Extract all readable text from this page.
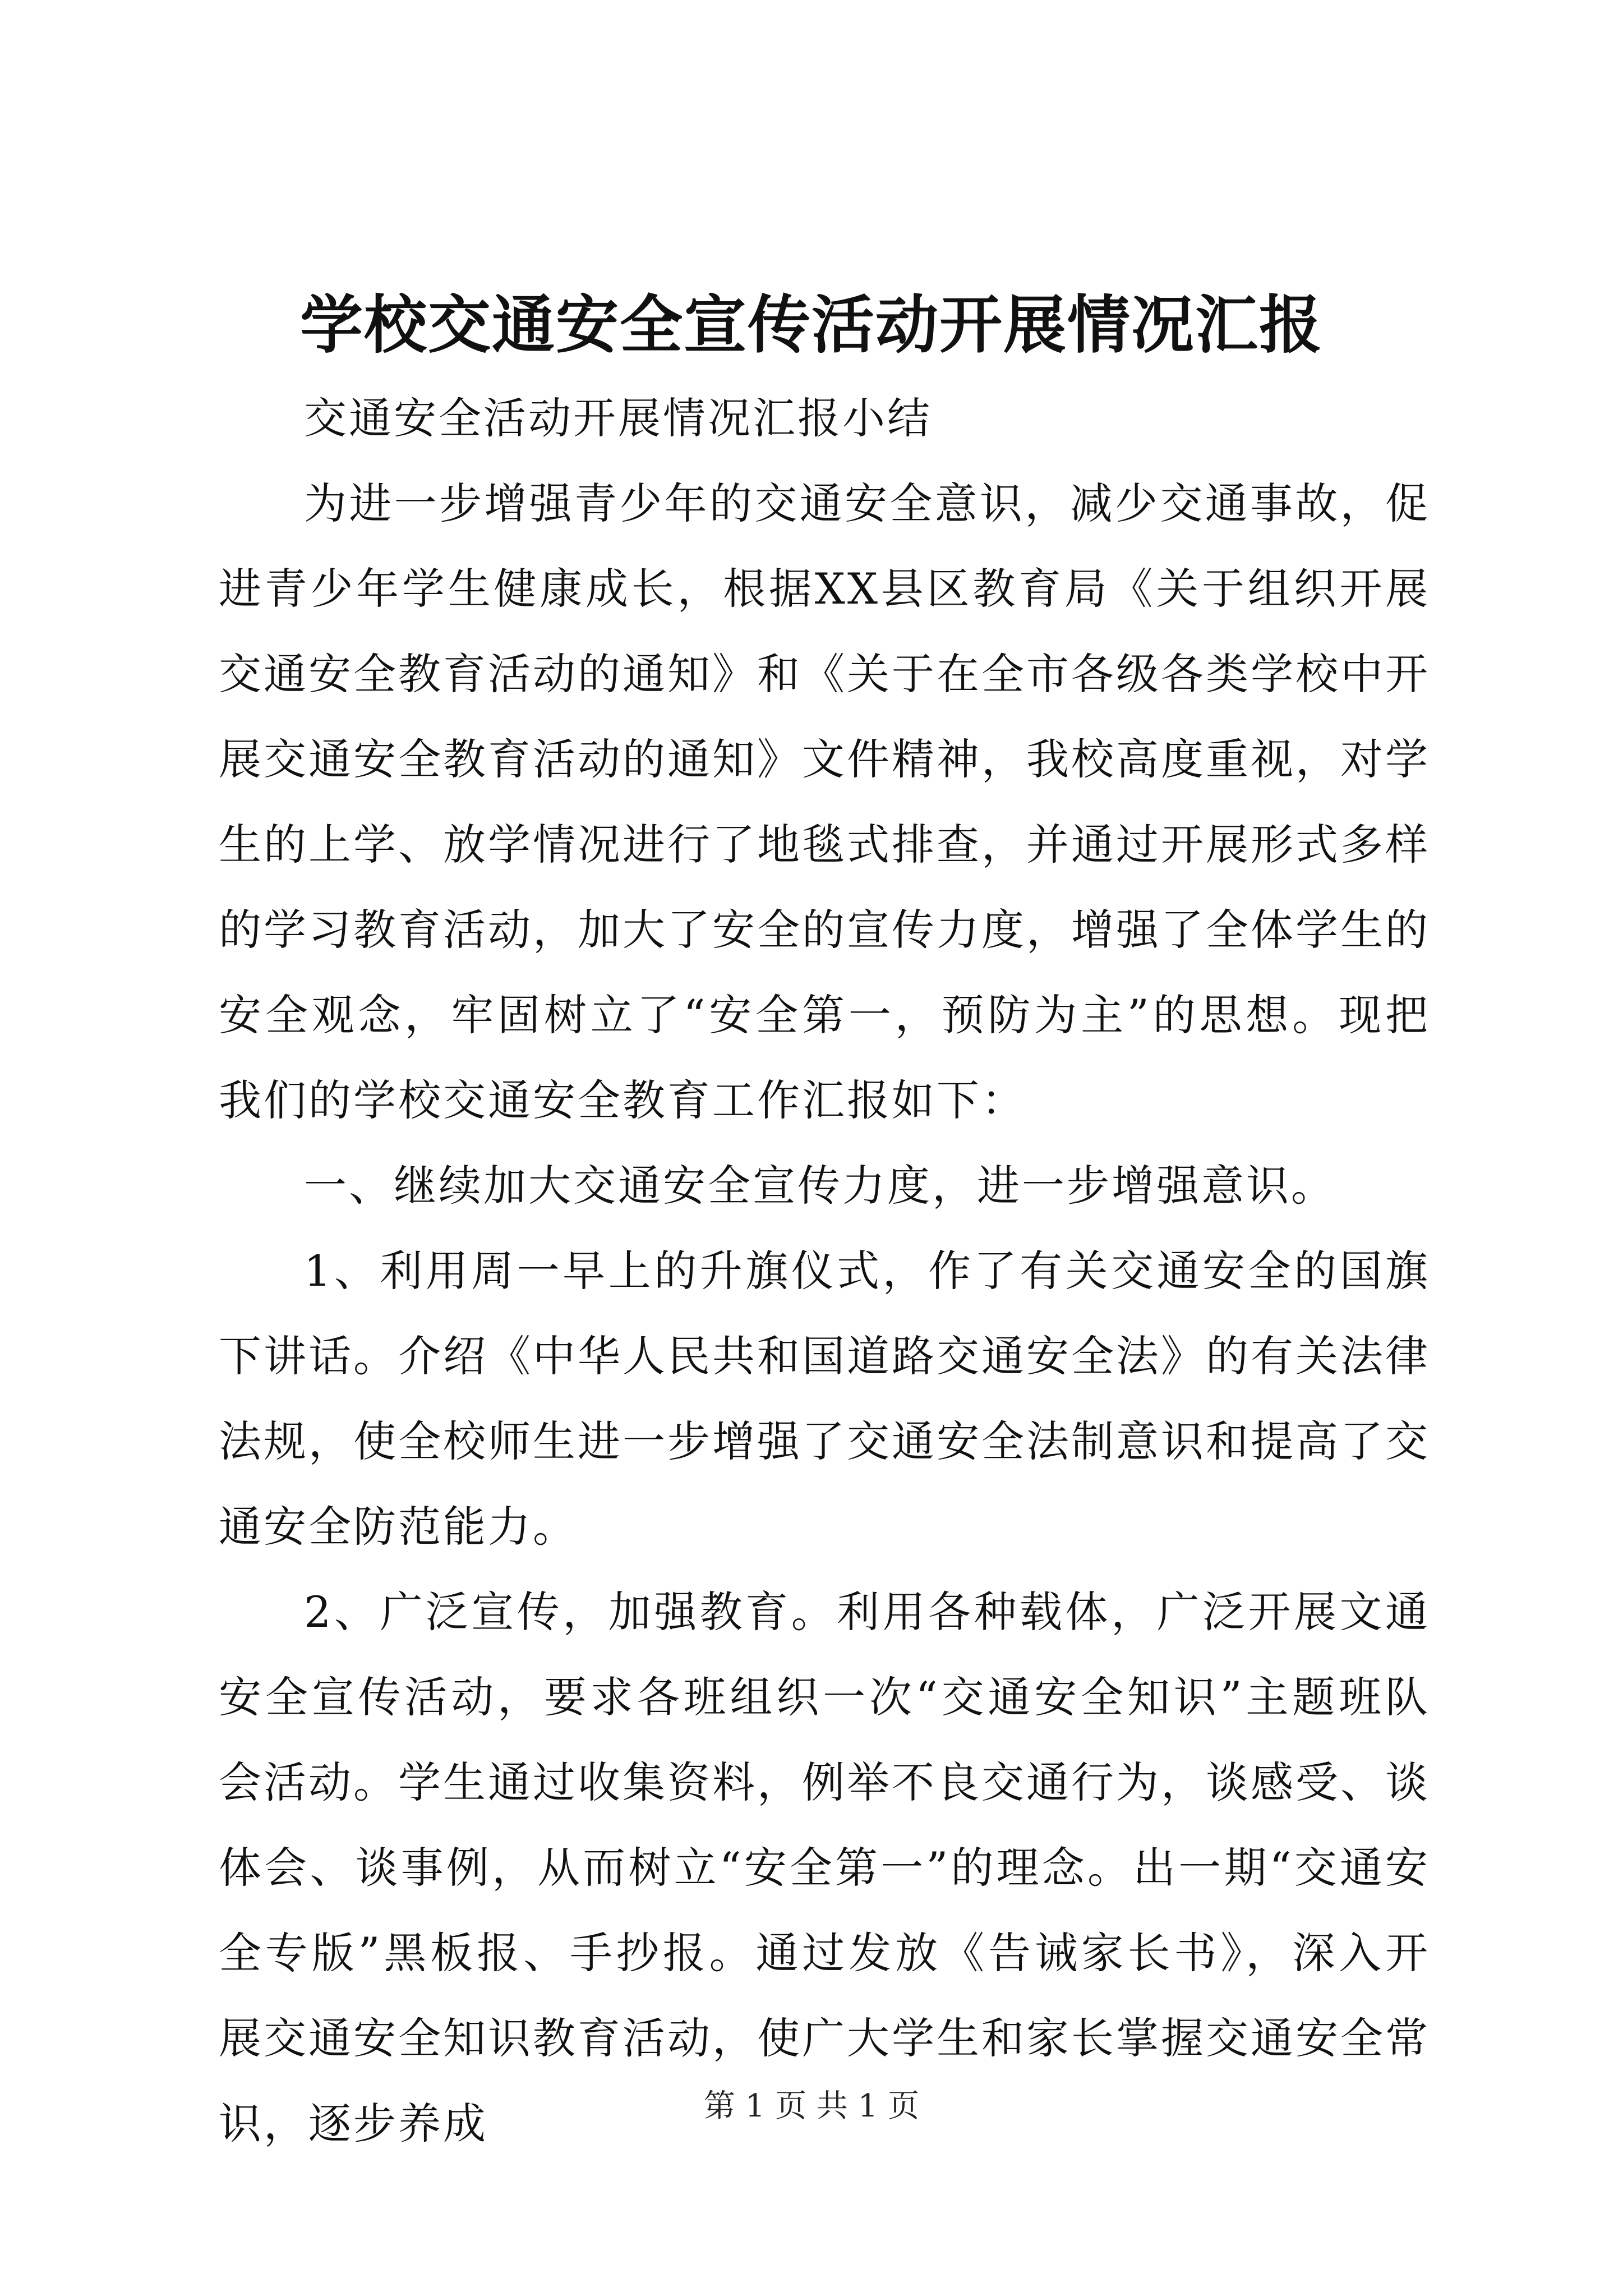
学校交通安全宣传活动开展情况汇报

交通安全活动开展情况汇报小结

为进一步增强青少年的交通安全意识，减少交通事故，促进青少年学生健康成长，根据XX县区教育局《关于组织开展交通安全教育活动的通知》和《关于在全市各级各类学校中开展交通安全教育活动的通知》文件精神，我校高度重视，对学生的上学、放学情况进行了地毯式排查，并通过开展形式多样的学习教育活动，加大了安全的宣传力度，增强了全体学生的安全观念，牢固树立了“安全第一，预防为主”的思想。现把我们的学校交通安全教育工作汇报如下：

一、继续加大交通安全宣传力度，进一步增强意识。

1、利用周一早上的升旗仪式，作了有关交通安全的国旗下讲话。介绍《中华人民共和国道路交通安全法》的有关法律法规，使全校师生进一步增强了交通安全法制意识和提高了交通安全防范能力。

2、广泛宣传，加强教育。利用各种载体，广泛开展文通安全宣传活动，要求各班组织一次“交通安全知识”主题班队会活动。学生通过收集资料，例举不良交通行为，谈感受、谈体会、谈事例，从而树立“安全第一”的理念。出一期“交通安全专版”黑板报、手抄报。通过发放《告诫家长书》，深入开展交通安全知识教育活动，使广大学生和家长掌握交通安全常识，逐步养成	第 1 页 共 1 页
